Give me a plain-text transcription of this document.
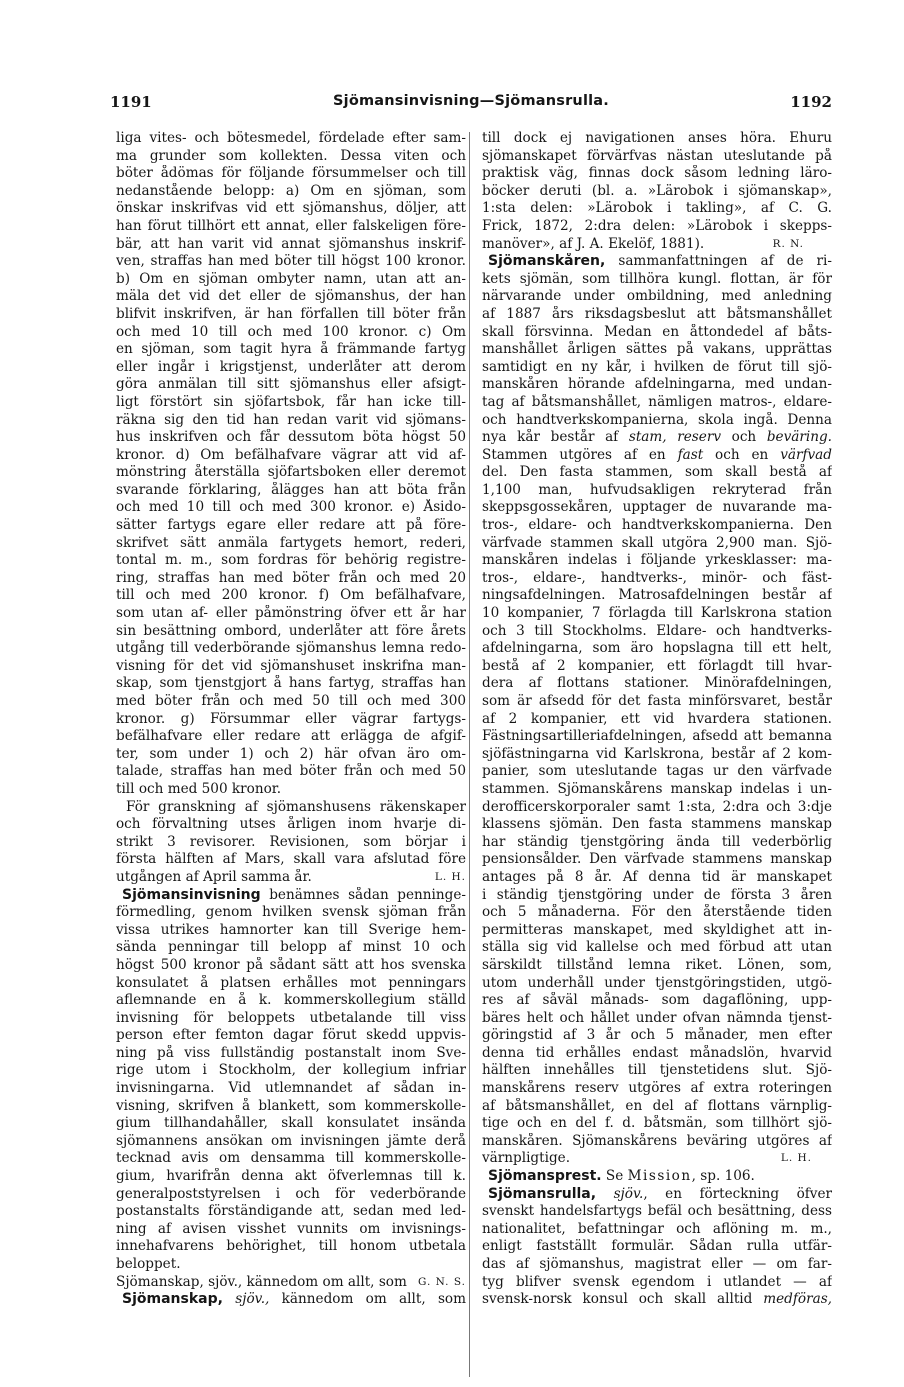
1191	Sjömansinvisning—Sjömansrulla.	1192
liga vites- och bötesmedel, fördelade efter sam-
ma grunder som kollekten. Dessa viten och
böter ådömas för följande försummelser och till
nedanstående belopp: a) Om en sjöman, som
önskar inskrifvas vid ett sjömanshus, döljer, att
han förut tillhört ett annat, eller falskeligen före-
bär, att han varit vid annat sjömanshus inskrif-
ven, straffas han med böter till högst 100 kronor.
b) Om en sjöman ombyter namn, utan att an-
mäla det vid det eller de sjömanshus, der han
blifvit inskrifven, är han förfallen till böter från
och med 10 till och med 100 kronor. c) Om
en sjöman, som tagit hyra å främmande fartyg
eller ingår i krigstjenst, underlåter att derom
göra anmälan till sitt sjömanshus eller afsigt-
ligt förstört sin sjöfartsbok, får han icke till-
räkna sig den tid han redan varit vid sjömans-
hus inskrifven och får dessutom böta högst 50
kronor. d) Om befälhafvare vägrar att vid af-
mönstring återställa sjöfartsboken eller deremot
svarande förklaring, ålägges han att böta från
och med 10 till och med 300 kronor. e) Åsido-
sätter fartygs egare eller redare att på före-
skrifvet sätt anmäla fartygets hemort, rederi,
tontal m. m., som fordras för behörig registre-
ring, straffas han med böter från och med 20
till och med 200 kronor. f) Om befälhafvare,
som utan af- eller påmönstring öfver ett år har
sin besättning ombord, underlåter att före årets
utgång till vederbörande sjömanshus lemna redo-
visning för det vid sjömanshuset inskrifna man-
skap, som tjenstgjort å hans fartyg, straffas han
med böter från och med 50 till och med 300
kronor. g) Försummar eller vägrar fartygs-
befälhafvare eller redare att erlägga de afgif-
ter, som under 1) och 2) här ofvan äro om-
talade, straffas han med böter från och med 50
till och med 500 kronor.
För granskning af sjömanshusens räkenskaper
och förvaltning utses årligen inom hvarje di-
strikt 3 revisorer. Revisionen, som börjar i
första hälften af Mars, skall vara afslutad före
utgången af April samma år.	L. H.
Sjömansinvisning benämnes sådan penninge-
förmedling, genom hvilken svensk sjöman från
vissa utrikes hamnorter kan till Sverige hem-
sända penningar till belopp af minst 10 och
högst 500 kronor på sådant sätt att hos svenska
konsulatet å platsen erhålles mot penningars
aflemnande en å k. kommerskollegium ställd
invisning för beloppets utbetalande till viss
person efter femton dagar förut skedd uppvis-
ning på viss fullständig postanstalt inom Sve-
rige utom i Stockholm, der kollegium infriar
invisningarna. Vid utlemnandet af sådan in-
visning, skrifven å blankett, som kommerskolle-
gium tillhandahåller, skall konsulatet insända
sjömannens ansökan om invisningen jämte derå
tecknad avis om densamma till kommerskolle-
gium, hvarifrån denna akt öfverlemnas till k.
generalpoststyrelsen i och för vederbörande
postanstalts förständigande att, sedan med led-
ning af avisen visshet vunnits om invisnings-
innehafvarens behörighet, till honom utbetala
beloppet.
Sjömanskap, sjöv., kännedom om allt, som G. N. S.
Sjömanskap, sjöv., kännedom om allt, som
till dock ej navigationen anses höra. Ehuru
sjömanskapet förvärfvas nästan uteslutande på
praktisk väg, finnas dock såsom ledning läro-
böcker deruti (bl. a. »Lärobok i sjömanskap»,
1:sta delen: »Lärobok i takling», af C. G.
Frick, 1872, 2:dra delen: »Lärobok i skepps-
manöver», af J. A. Ekelöf, 1881).	R. N.
Sjömanskåren, sammanfattningen af de ri-
kets sjömän, som tillhöra kungl. flottan, är för
närvarande under ombildning, med anledning
af 1887 års riksdagsbeslut att båtsmanshållet
skall försvinna. Medan en åttondedel af båts-
manshållet årligen sättes på vakans, upprättas
samtidigt en ny kår, i hvilken de förut till sjö-
manskåren hörande afdelningarna, med undan-
tag af båtsmanshållet, nämligen matros-, eldare-
och handtverkskompanierna, skola ingå. Denna
nya kår består af stam, reserv och beväring.
Stammen utgöres af en fast och en värfvad
del. Den fasta stammen, som skall bestå af
1,100 man, hufvudsakligen rekryterad från
skeppsgossekåren, upptager de nuvarande ma-
tros-, eldare- och handtverkskompanierna. Den
värfvade stammen skall utgöra 2,900 man. Sjö-
manskåren indelas i följande yrkesklasser: ma-
tros-, eldare-, handtverks-, minör- och fäst-
ningsafdelningen. Matrosafdelningen består af
10 kompanier, 7 förlagda till Karlskrona station
och 3 till Stockholms. Eldare- och handtverks-
afdelningarna, som äro hopslagna till ett helt,
bestå af 2 kompanier, ett förlagdt till hvar-
dera af flottans stationer. Minörafdelningen,
som är afsedd för det fasta minförsvaret, består
af 2 kompanier, ett vid hvardera stationen.
Fästningsartilleriafdelningen, afsedd att bemanna
sjöfästningarna vid Karlskrona, består af 2 kom-
panier, som uteslutande tagas ur den värfvade
stammen. Sjömanskårens manskap indelas i un-
derofficerskorporaler samt 1:sta, 2:dra och 3:dje
klassens sjömän. Den fasta stammens manskap
har ständig tjenstgöring ända till vederbörlig
pensionsålder. Den värfvade stammens manskap
antages på 8 år. Af denna tid är manskapet
i ständig tjenstgöring under de första 3 åren
och 5 månaderna. För den återstående tiden
permitteras manskapet, med skyldighet att in-
ställa sig vid kallelse och med förbud att utan
särskildt tillstånd lemna riket. Lönen, som,
utom underhåll under tjenstgöringstiden, utgö-
res af såväl månads- som dagaflöning, upp-
bäres helt och hållet under ofvan nämnda tjenst-
göringstid af 3 år och 5 månader, men efter
denna tid erhålles endast månadslön, hvarvid
hälften innehålles till tjenstetidens slut. Sjö-
manskårens reserv utgöres af extra roteringen
af båtsmanshållet, en del af flottans värnplig-
tige och en del f. d. båtsmän, som tillhört sjö-
manskåren. Sjömanskårens beväring utgöres af
värnpligtige.	L. H.
Sjömansprest. Se Mission, sp. 106.
Sjömansrulla, sjöv., en förteckning öfver
svenskt handelsfartygs befäl och besättning, dess
nationalitet, befattningar och aflöning m. m.,
enligt fastställt formulär. Sådan rulla utfär-
das af sjömanshus, magistrat eller — om far-
tyg blifver svensk egendom i utlandet — af
svensk-norsk konsul och skall alltid medföras,
